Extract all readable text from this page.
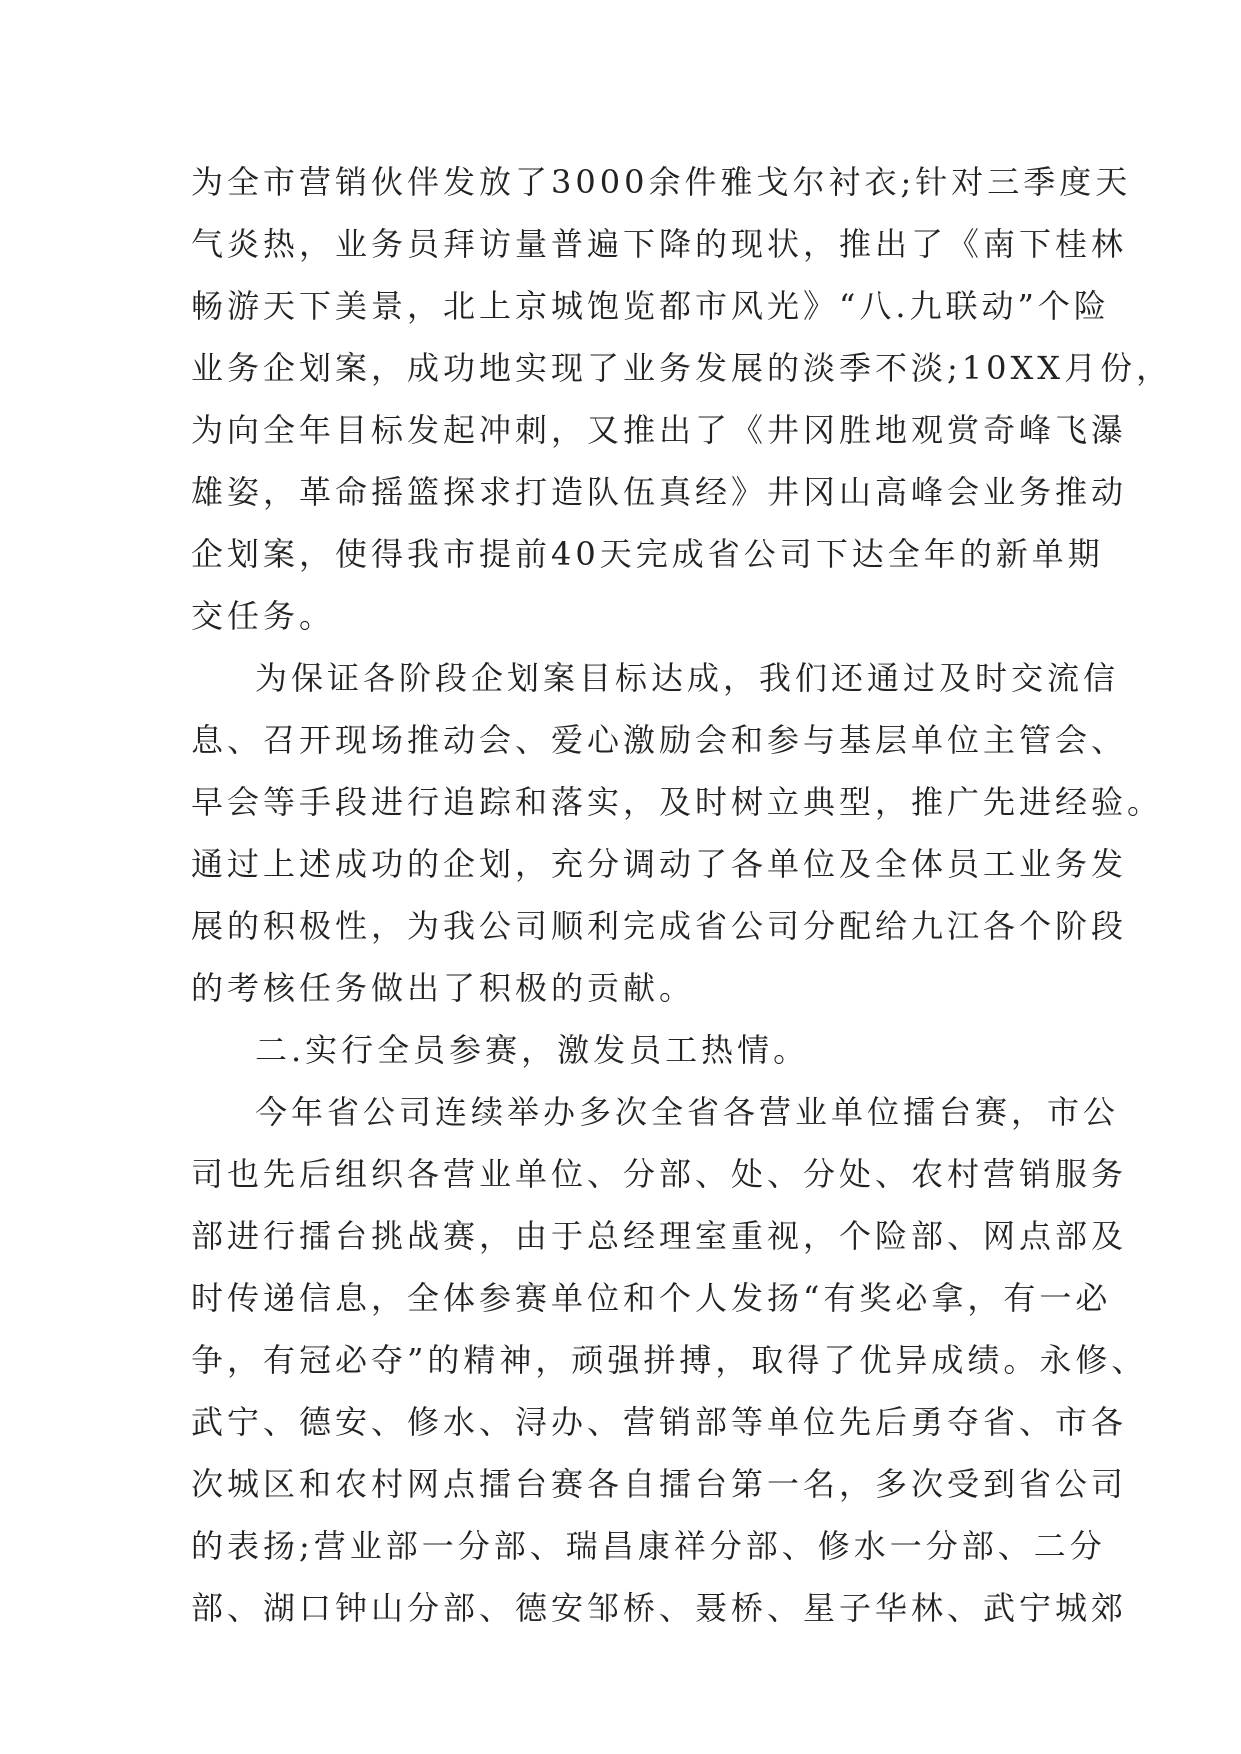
为全市营销伙伴发放了3000余件雅戈尔衬衣;针对三季度天
气炎热，业务员拜访量普遍下降的现状，推出了《南下桂林
畅游天下美景，北上京城饱览都市风光》“八.九联动”个险
业务企划案，成功地实现了业务发展的淡季不淡;10XX月份，
为向全年目标发起冲刺，又推出了《井冈胜地观赏奇峰飞瀑
雄姿，革命摇篮探求打造队伍真经》井冈山高峰会业务推动
企划案，使得我市提前40天完成省公司下达全年的新单期
交任务。
为保证各阶段企划案目标达成，我们还通过及时交流信
息、召开现场推动会、爱心激励会和参与基层单位主管会、
早会等手段进行追踪和落实，及时树立典型，推广先进经验。
通过上述成功的企划，充分调动了各单位及全体员工业务发
展的积极性，为我公司顺利完成省公司分配给九江各个阶段
的考核任务做出了积极的贡献。
二.实行全员参赛，激发员工热情。
今年省公司连续举办多次全省各营业单位擂台赛，市公
司也先后组织各营业单位、分部、处、分处、农村营销服务
部进行擂台挑战赛，由于总经理室重视，个险部、网点部及
时传递信息，全体参赛单位和个人发扬“有奖必拿，有一必
争，有冠必夺”的精神，顽强拼搏，取得了优异成绩。永修、
武宁、德安、修水、浔办、营销部等单位先后勇夺省、市各
次城区和农村网点擂台赛各自擂台第一名，多次受到省公司
的表扬;营业部一分部、瑞昌康祥分部、修水一分部、二分
部、湖口钟山分部、德安邹桥、聂桥、星子华林、武宁城郊
